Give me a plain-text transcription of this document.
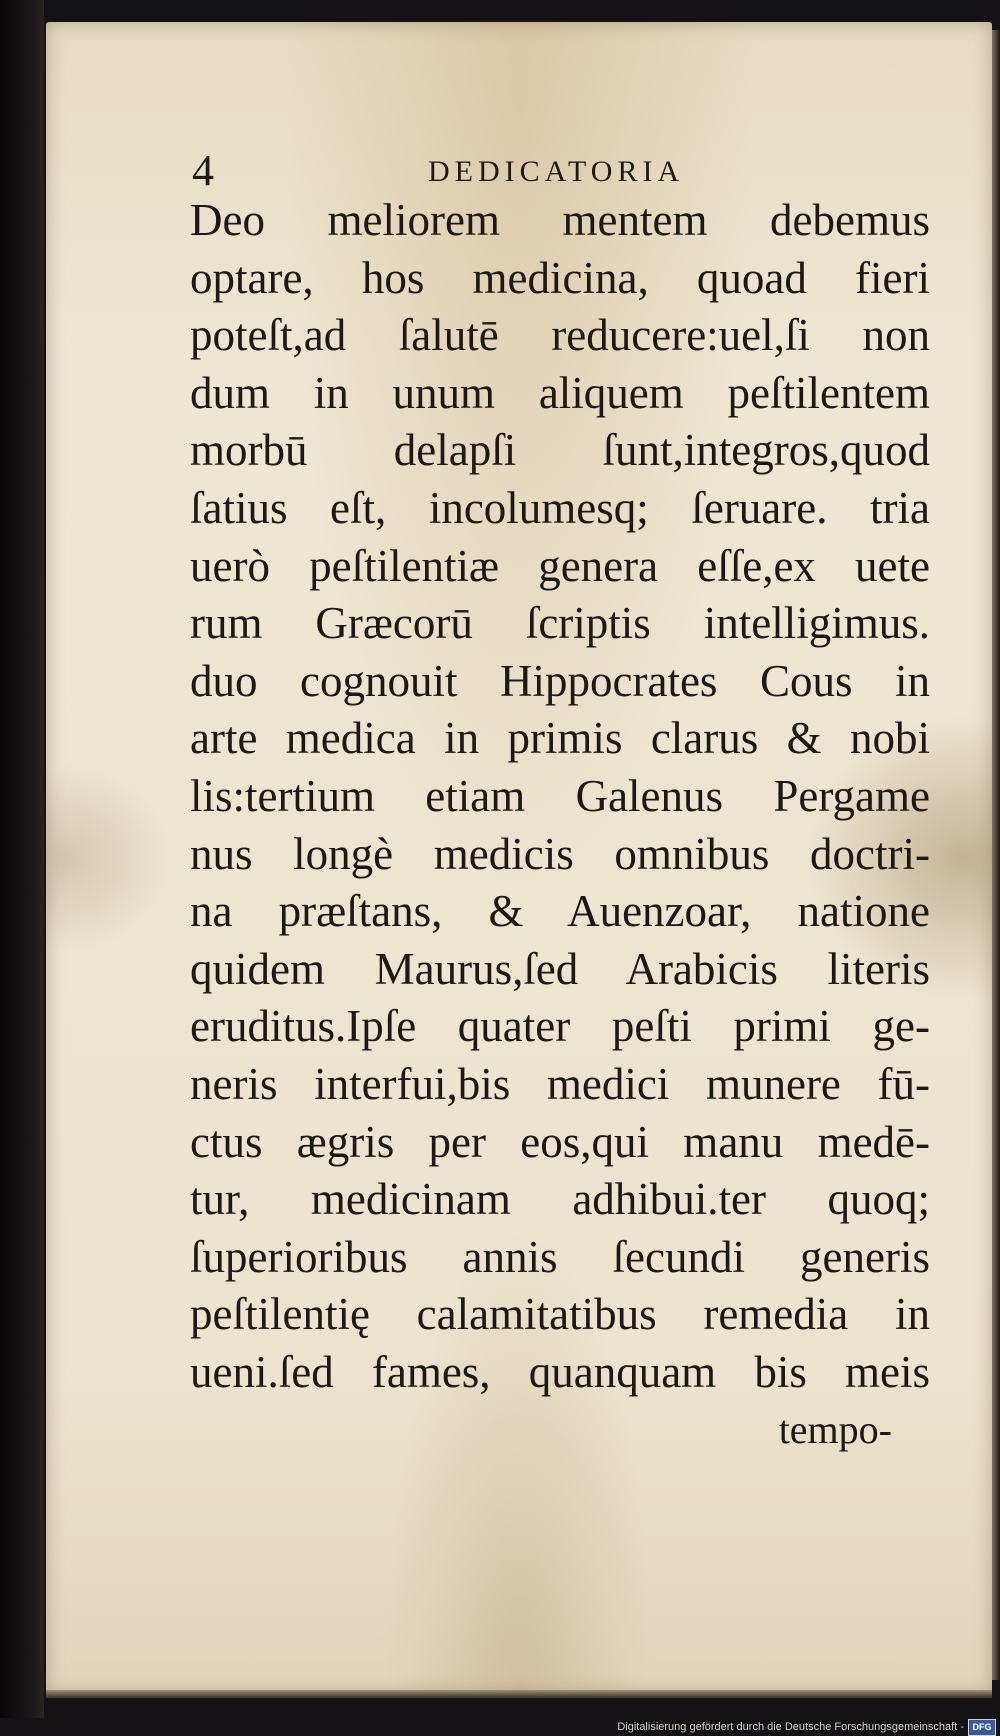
4	DEDICATORIA
Deo meliorem mentem debemus
optare, hos medicina, quoad fieri
poteſt,ad ſalutē reducere:uel,ſi non
dum in unum aliquem peſtilentem
morbū delapſi ſunt,integros,quod
ſatius eſt, incolumesq; ſeruare. tria
uerò peſtilentiæ genera eſſe,ex uete
rum Græcorū ſcriptis intelligimus.
duo cognouit Hippocrates Cous in
arte medica in primis clarus & nobi
lis:tertium etiam Galenus Pergame
nus longè medicis omnibus doctri-
na præſtans, & Auenzoar, natione
quidem Maurus,ſed Arabicis literis
eruditus.Ipſe quater peſti primi ge-
neris interfui,bis medici munere fū-
ctus ægris per eos,qui manu medē-
tur, medicinam adhibui.ter quoq;
ſuperioribus annis ſecundi generis
peſtilentię calamitatibus remedia in
ueni.ſed fames, quanquam bis meis
tempo-
Digitalisierung gefördert durch die Deutsche Forschungsgemeinschaft - DFG
